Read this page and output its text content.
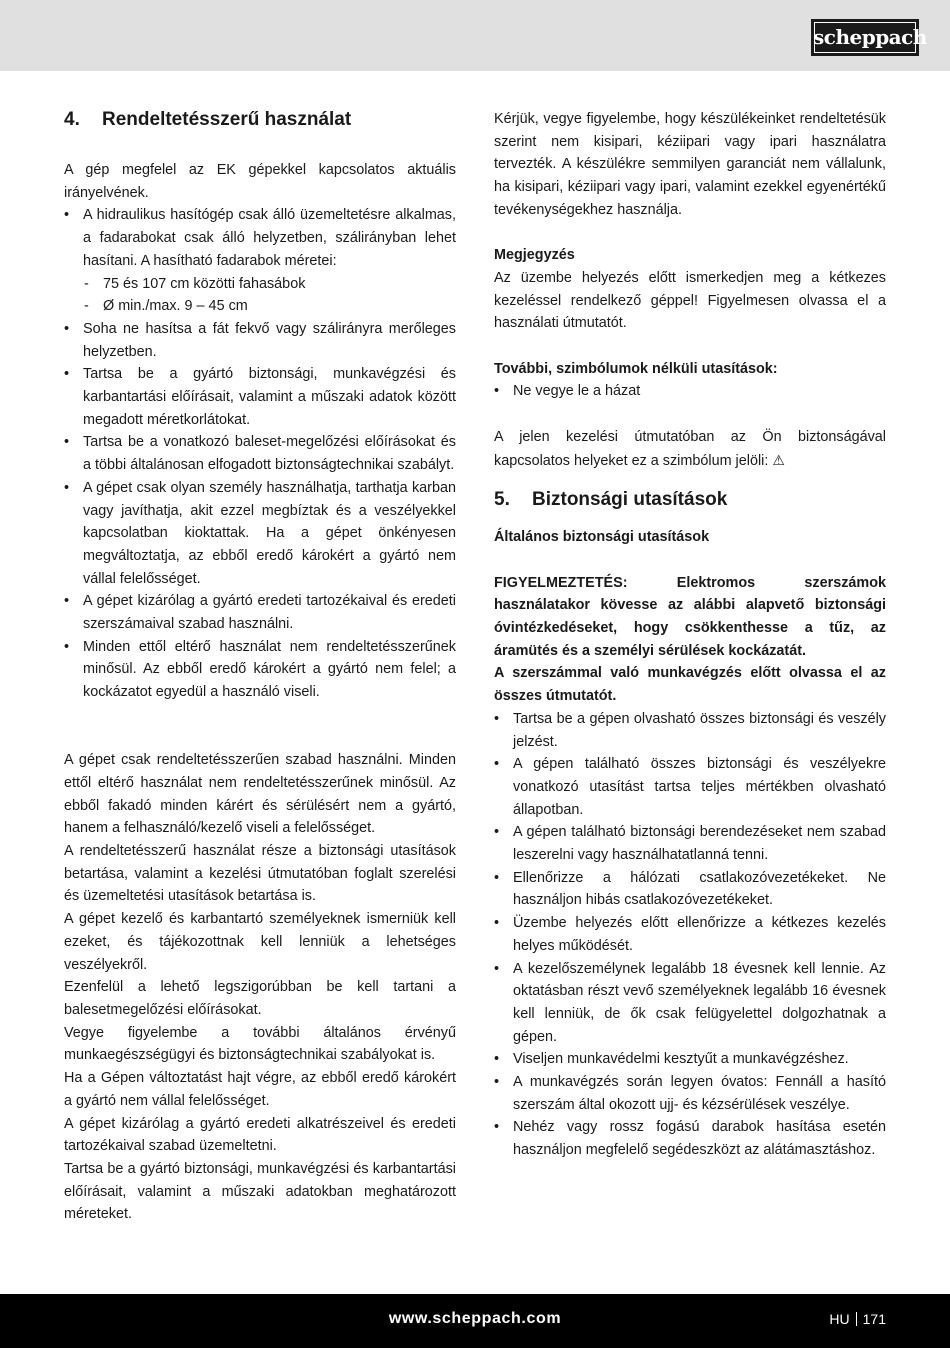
scheppach
4.	Rendeltetésszerű használat

A gép megfelel az EK gépekkel kapcsolatos aktuális irányelvének.

• A hidraulikus hasítógép csak álló üzemeltetésre alkalmas, a fadarabokat csak álló helyzetben, szálirányban lehet hasítani. A hasítható fadarabok méretei:
- 75 és 107 cm közötti fahasábok
- Ø min./max. 9 – 45 cm
• Soha ne hasítsa a fát fekvő vagy szálirányra merőleges helyzetben.
• Tartsa be a gyártó biztonsági, munkavégzési és karbantartási előírásait, valamint a műszaki adatok között megadott méretkorlátokat.
• Tartsa be a vonatkozó baleset-megelőzési előírásokat és a többi általánosan elfogadott biztonságtechnikai szabályt.
• A gépet csak olyan személy használhatja, tarthatja karban vagy javíthatja, akit ezzel megbíztak és a veszélyekkel kapcsolatban kioktattak. Ha a gépet önkényesen megváltoztatja, az ebből eredő károkért a gyártó nem vállal felelősséget.
• A gépet kizárólag a gyártó eredeti tartozékaival és eredeti szerszámaival szabad használni.
• Minden ettől eltérő használat nem rendeltetésszerűnek minősül. Az ebből eredő károkért a gyártó nem felel; a kockázatot egyedül a használó viseli.

A gépet csak rendeltetésszerűen szabad használni. Minden ettől eltérő használat nem rendeltetésszerűnek minősül. Az ebből fakadó minden kárért és sérülésért nem a gyártó, hanem a felhasználó/kezelő viseli a felelősséget.

A rendeltetésszerű használat része a biztonsági utasítások betartása, valamint a kezelési útmutatóban foglalt szerelési és üzemeltetési utasítások betartása is.

A gépet kezelő és karbantartó személyeknek ismerniük kell ezeket, és tájékozottnak kell lenniük a lehetséges veszélyekről.

Ezenfelül a lehető legszigorúbban be kell tartani a balesetmegelőzési előírásokat.

Vegye figyelembe a további általános érvényű munkaegészségügyi és biztonságtechnikai szabályokat is.

Ha a Gépen változtatást hajt végre, az ebből eredő károkért a gyártó nem vállal felelősséget.

A gépet kizárólag a gyártó eredeti alkatrészeivel és eredeti tartozékaival szabad üzemeltetni.

Tartsa be a gyártó biztonsági, munkavégzési és karbantartási előírásait, valamint a műszaki adatokban meghatározott méreteket.

Kérjük, vegye figyelembe, hogy készülékeinket rendeltetésük szerint nem kisipari, kéziipari vagy ipari használatra tervezték. A készülékre semmilyen garanciát nem vállalunk, ha kisipari, kéziipari vagy ipari, valamint ezekkel egyenértékű tevékenységekhez használja.

Megjegyzés

Az üzembe helyezés előtt ismerkedjen meg a kétkezes kezeléssel rendelkező géppel! Figyelmesen olvassa el a használati útmutatót.

További, szimbólumok nélküli utasítások:

• Ne vegye le a házat

A jelen kezelési útmutatóban az Ön biztonságával kapcsolatos helyeket ez a szimbólum jelöli: ⚠

5.	Biztonsági utasítások

Általános biztonsági utasítások

FIGYELMEZTETÉS: Elektromos szerszámok használatakor kövesse az alábbi alapvető biztonsági óvintézkedéseket, hogy csökkenthesse a tűz, az áramütés és a személyi sérülések kockázatát.

A szerszámmal való munkavégzés előtt olvassa el az összes útmutatót.

• Tartsa be a gépen olvasható összes biztonsági és veszély jelzést.
• A gépen található összes biztonsági és veszélyekre vonatkozó utasítást tartsa teljes mértékben olvasható állapotban.
• A gépen található biztonsági berendezéseket nem szabad leszerelni vagy használhatatlanná tenni.
• Ellenőrizze a hálózati csatlakozóvezetékeket. Ne használjon hibás csatlakozóvezetékeket.
• Üzembe helyezés előtt ellenőrizze a kétkezes kezelés helyes működését.
• A kezelőszemélynek legalább 18 évesnek kell lennie. Az oktatásban részt vevő személyeknek legalább 16 évesnek kell lenniük, de ők csak felügyelettel dolgozhatnak a gépen.
• Viseljen munkavédelmi kesztyűt a munkavégzéshez.
• A munkavégzés során legyen óvatos: Fennáll a hasító szerszám által okozott ujj- és kézsérülések veszélye.
• Nehéz vagy rossz fogású darabok hasítása esetén használjon megfelelő segédeszközt az alátámasztáshoz.
www.scheppach.com	HU 171
